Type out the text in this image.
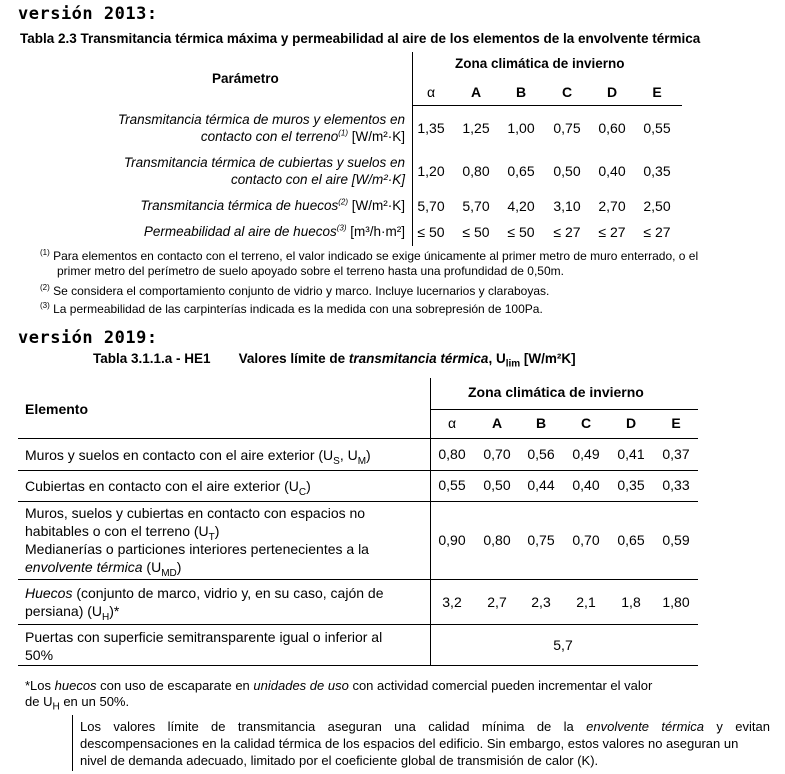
versión 2013:
Tabla 2.3 Transmitancia térmica máxima y permeabilidad al aire de los elementos de la envolvente térmica
Parámetro
Zona climática de invierno
α	A	B	C	D	E
Transmitancia térmica de muros y elementos en
contacto con el terreno$^{(1)}$ [W/m²·K]
1,35	1,25	1,00	0,75	0,60	0,55
Transmitancia térmica de cubiertas y suelos en
contacto con el aire [W/m²·K]
1,20	0,80	0,65	0,50	0,40	0,35
Transmitancia térmica de huecos$^{(2)}$ [W/m²·K] 5,70	5,70	4,20	3,10	2,70	2,50
Permeabilidad al aire de huecos$^{(3)}$ [m³/h·m²] ≤ 50	≤ 50	≤ 50	≤ 27	≤ 27	≤ 27
$^{(1)}$ Para elementos en contacto con el terreno, el valor indicado se exige únicamente al primer metro de muro enterrado, o el
primer metro del perímetro de suelo apoyado sobre el terreno hasta una profundidad de 0,50m.
$^{(2)}$ Se considera el comportamiento conjunto de vidrio y marco. Incluye lucernarios y claraboyas.
$^{(3)}$ La permeabilidad de las carpinterías indicada es la medida con una sobrepresión de 100Pa.
versión 2019:
Tabla 3.1.1.a - HE1 Valores límite de transmitancia térmica, $U_{lim}$ [W/m²K]
Elemento
Zona climática de invierno
α	A	B	C	D	E
Muros y suelos en contacto con el aire exterior ($U_S$, $U_M$)	0,80	0,70	0,56	0,49	0,41	0,37
Cubiertas en contacto con el aire exterior $(U_C)$	0,55	0,50	0,44	0,40	0,35	0,33
Muros, suelos y cubiertas en contacto con espacios no
habitables o con el terreno $(U_T)$
Medianerías o particiones interiores pertenecientes a la
envolvente térmica $(U_{MD})$
0,90	0,80	0,75	0,70	0,65	0,59
Huecos (conjunto de marco, vidrio y, en su caso, cajón de
persiana) $(U_H)*$
3,2	2,7	2,3	2,1	1,8	1,80
Puertas con superficie semitransparente igual o inferior al
50%
5,7
*Los huecos con uso de escaparate en unidades de uso con actividad comercial pueden incrementar el valor
de $U_H$ en un 50%.
Los valores límite de transmitancia aseguran una calidad mínima de la envolvente térmica y evitan
descompensaciones en la calidad térmica de los espacios del edificio. Sin embargo, estos valores no aseguran un
nivel de demanda adecuado, limitado por el coeficiente global de transmisión de calor (K).
